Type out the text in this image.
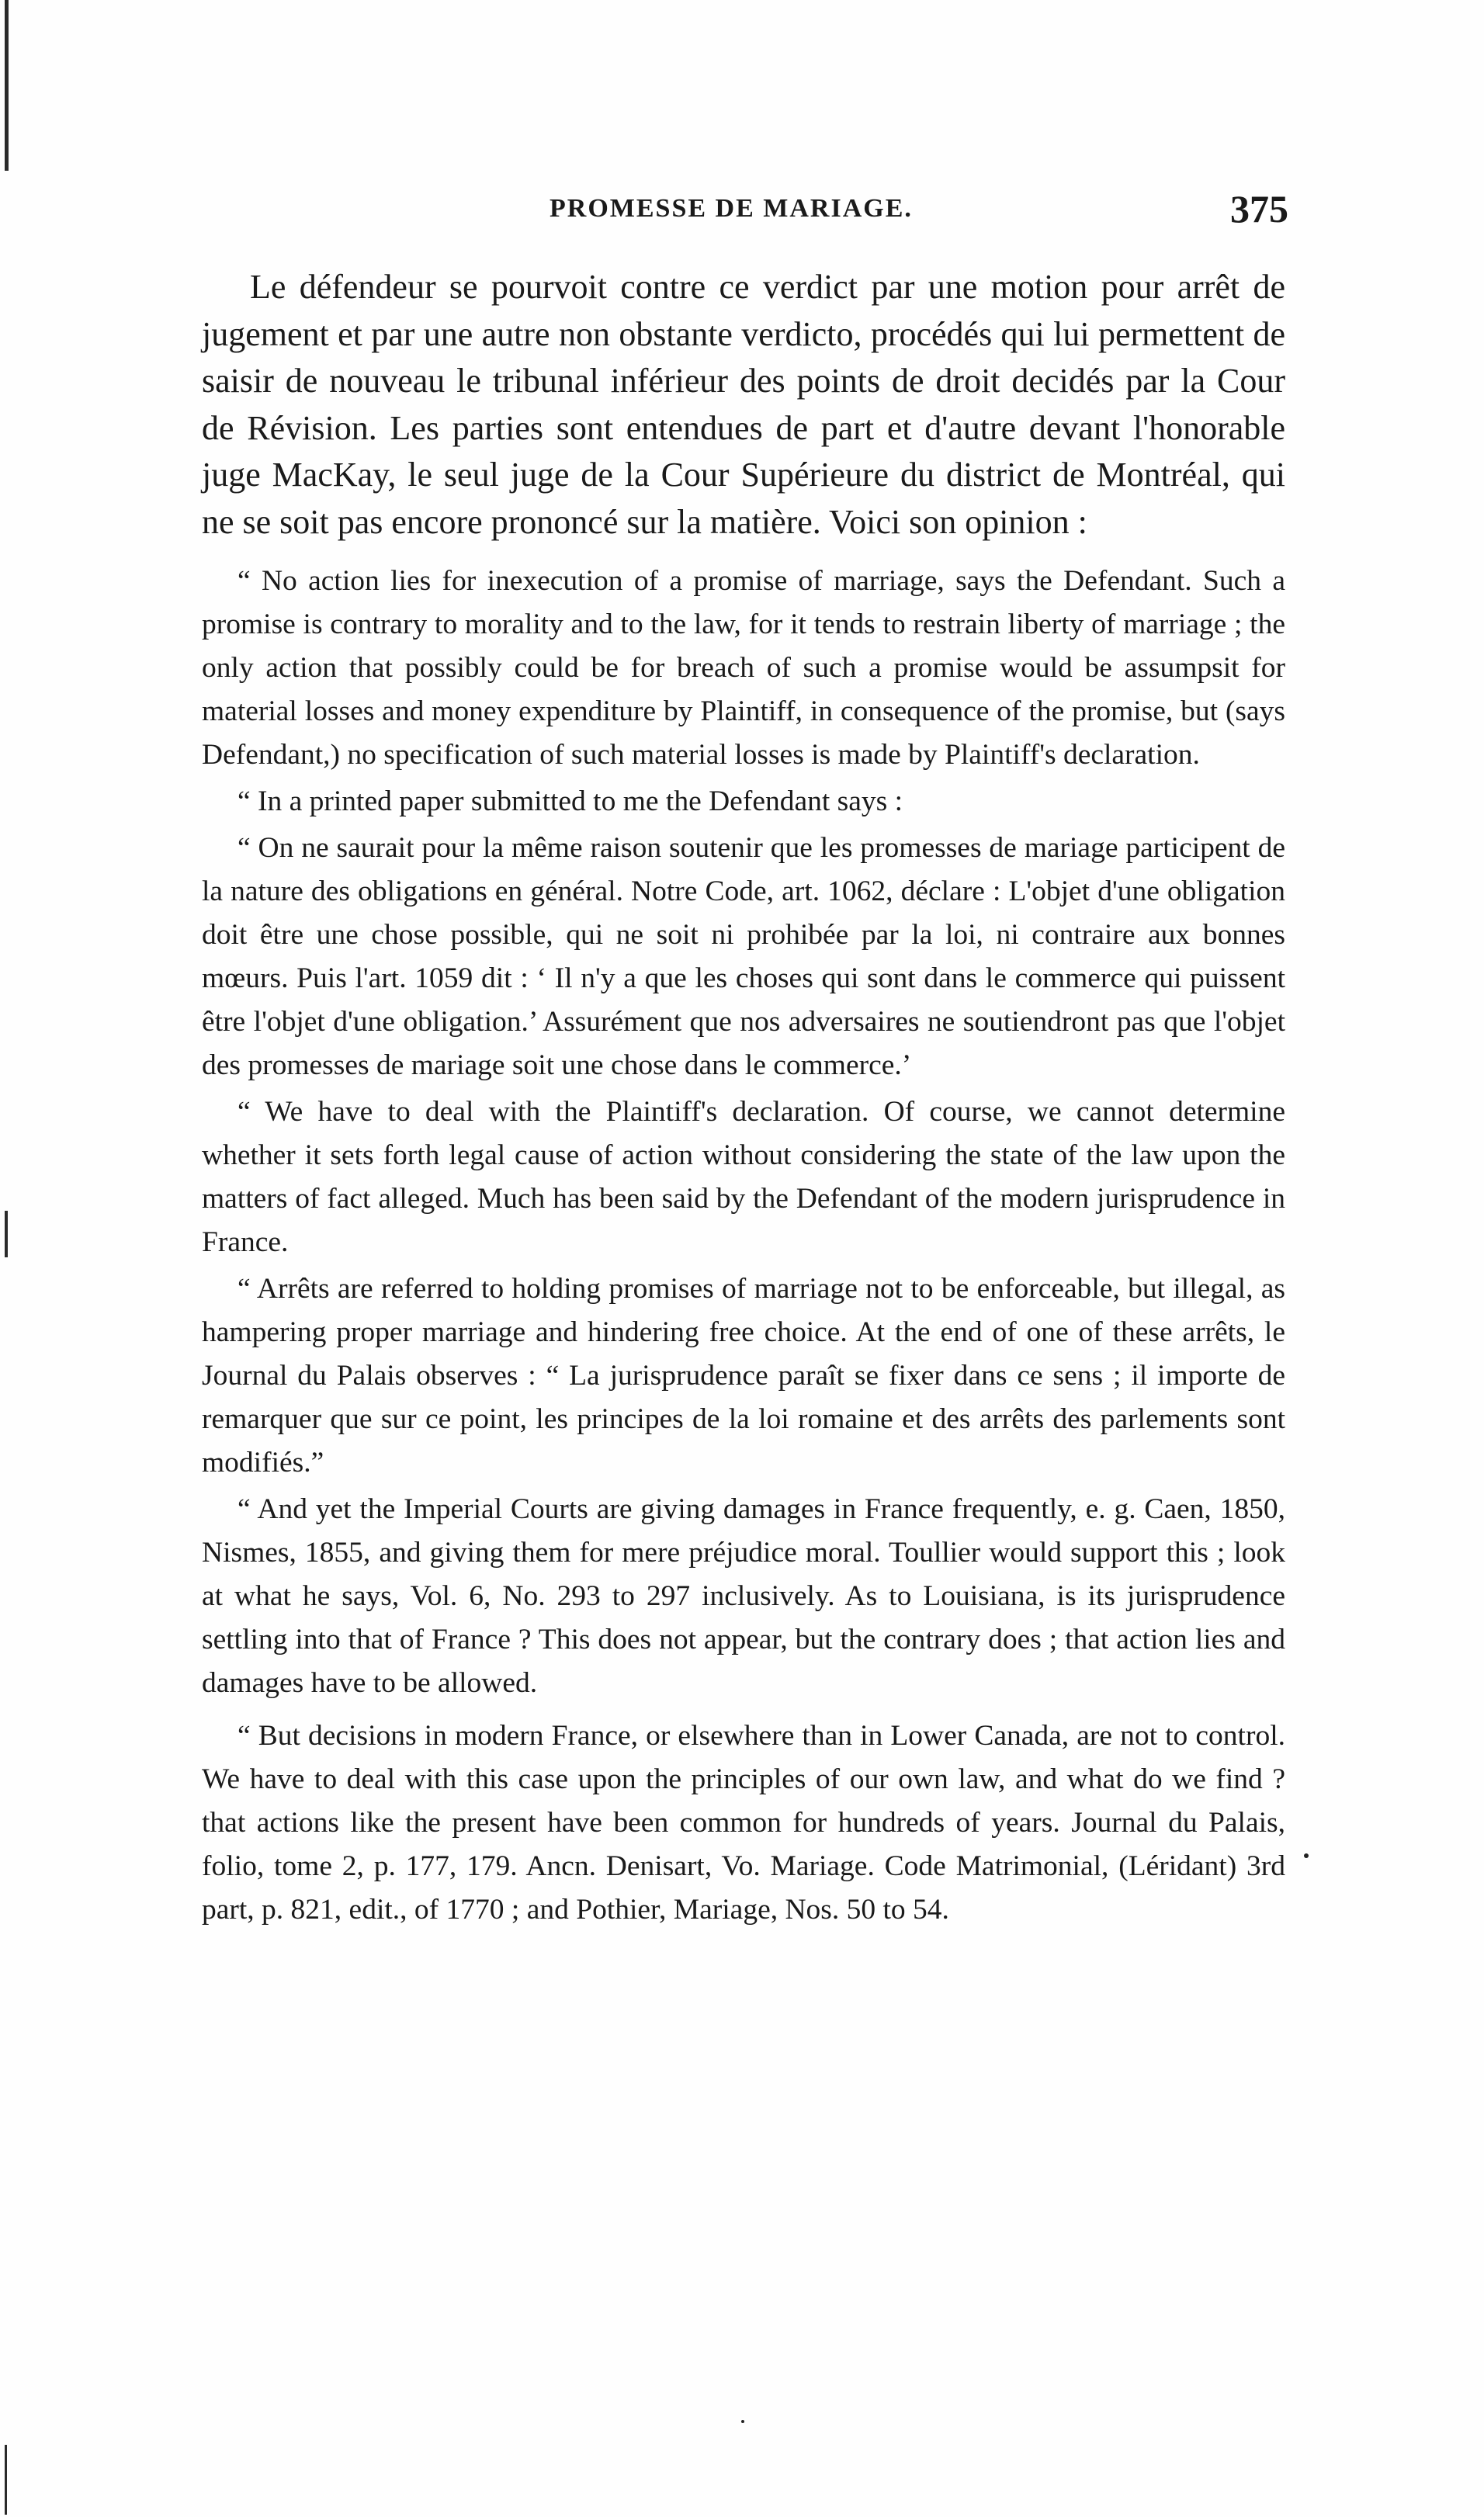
PROMESSE DE MARIAGE.	375

Le défendeur se pourvoit contre ce verdict par une motion pour arrêt de jugement et par une autre non obstante verdicto, procédés qui lui permettent de saisir de nouveau le tribunal inférieur des points de droit decidés par la Cour de Révision. Les parties sont entendues de part et d'autre devant l'honorable juge MacKay, le seul juge de la Cour Supérieure du district de Montréal, qui ne se soit pas encore prononcé sur la matière. Voici son opinion :

“ No action lies for inexecution of a promise of marriage, says the Defendant. Such a promise is contrary to morality and to the law, for it tends to restrain liberty of marriage ; the only action that possibly could be for breach of such a promise would be assumpsit for material losses and money expenditure by Plaintiff, in consequence of the promise, but (says Defendant,) no specification of such material losses is made by Plaintiff's declaration.

“ In a printed paper submitted to me the Defendant says :

“ On ne saurait pour la même raison soutenir que les promesses de mariage participent de la nature des obligations en général. Notre Code, art. 1062, déclare : L'objet d'une obligation doit être une chose possible, qui ne soit ni prohibée par la loi, ni contraire aux bonnes mœurs. Puis l'art. 1059 dit : ‘ Il n'y a que les choses qui sont dans le commerce qui puissent être l'objet d'une obligation.’ Assurément que nos adversaires ne soutiendront pas que l'objet des promesses de mariage soit une chose dans le commerce.’

“ We have to deal with the Plaintiff's declaration. Of course, we cannot determine whether it sets forth legal cause of action without considering the state of the law upon the matters of fact alleged. Much has been said by the Defendant of the modern jurisprudence in France.

“ Arrêts are referred to holding promises of marriage not to be enforceable, but illegal, as hampering proper marriage and hindering free choice. At the end of one of these arrêts, le Journal du Palais observes : “ La jurisprudence paraît se fixer dans ce sens ; il importe de remarquer que sur ce point, les principes de la loi romaine et des arrêts des parlements sont modifiés.”

“ And yet the Imperial Courts are giving damages in France frequently, e. g. Caen, 1850, Nismes, 1855, and giving them for mere préjudice moral. Toullier would support this ; look at what he says, Vol. 6, No. 293 to 297 inclusively. As to Louisiana, is its jurisprudence settling into that of France ? This does not appear, but the contrary does ; that action lies and damages have to be allowed.

“ But decisions in modern France, or elsewhere than in Lower Canada, are not to control. We have to deal with this case upon the principles of our own law, and what do we find ? that actions like the present have been common for hundreds of years. Journal du Palais, folio, tome 2, p. 177, 179. Ancn. Denisart, Vo. Mariage. Code Matrimonial, (Léridant) 3rd part, p. 821, edit., of 1770 ; and Pothier, Mariage, Nos. 50 to 54.
